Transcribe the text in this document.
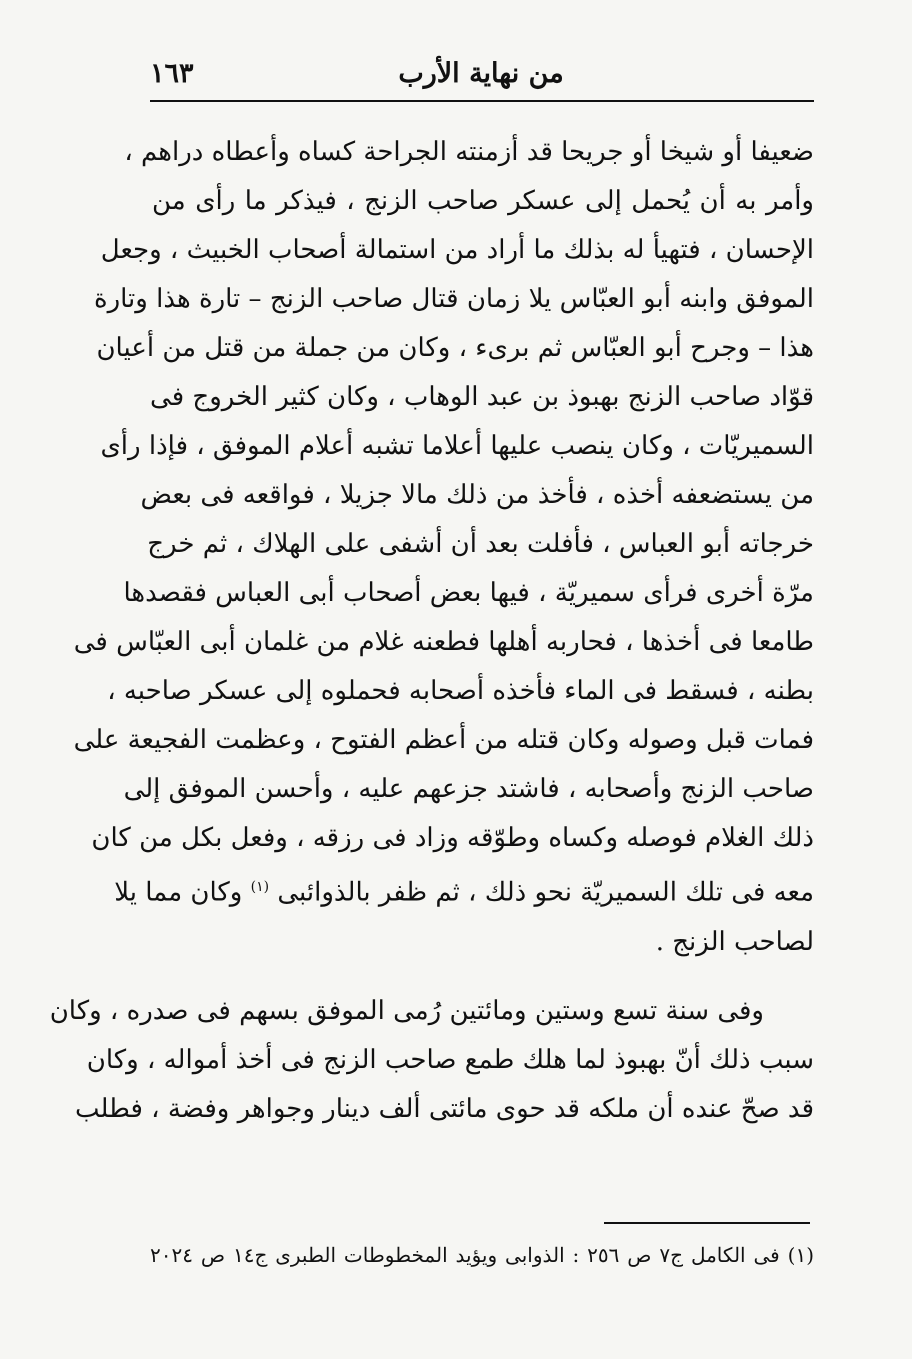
من نهاية الأرب
١٦٣
ضعيفا أو شيخا أو جريحا قد أزمنته الجراحة كساه وأعطاه دراهم ،
وأمر به أن يُحمل إلى عسكر صاحب الزنج ، فيذكر ما رأى من
الإحسان ، فتهيأ له بذلك ما أراد من استمالة أصحاب الخبيث ، وجعل
الموفق وابنه أبو العبّاس يلا زمان قتال صاحب الزنج – تارة هذا وتارة
هذا – وجرح أبو العبّاس ثم برىء ، وكان من جملة من قتل من أعيان
قوّاد صاحب الزنج بهبوذ بن عبد الوهاب ، وكان كثير الخروج فى
السميريّات ، وكان ينصب عليها أعلاما تشبه أعلام الموفق ، فإذا رأى
من يستضعفه أخذه ، فأخذ من ذلك مالا جزيلا ، فواقعه فى بعض
خرجاته أبو العباس ، فأفلت بعد أن أشفى على الهلاك ، ثم خرج
مرّة أخرى فرأى سميريّة ، فيها بعض أصحاب أبى العباس فقصدها
طامعا فى أخذها ، فحاربه أهلها فطعنه غلام من غلمان أبى العبّاس فى
بطنه ، فسقط فى الماء فأخذه أصحابه فحملوه إلى عسكر صاحبه ،
فمات قبل وصوله وكان قتله من أعظم الفتوح ، وعظمت الفجيعة على
صاحب الزنج وأصحابه ، فاشتد جزعهم عليه ، وأحسن الموفق إلى
ذلك الغلام فوصله وكساه وطوّقه وزاد فى رزقه ، وفعل بكل من كان
معه فى تلك السميريّة نحو ذلك ، ثم ظفر بالذوائبى $^{(١)}$ وكان مما يلا
لصاحب الزنج .
وفى سنة تسع وستين ومائتين رُمى الموفق بسهم فى صدره ، وكان
سبب ذلك أنّ بهبوذ لما هلك طمع صاحب الزنج فى أخذ أمواله ، وكان
قد صحّ عنده أن ملكه قد حوى مائتى ألف دينار وجواهر وفضة ، فطلب
(١) فى الكامل ج٧ ص ٢٥٦ : الذوابى ويؤيد المخطوطات الطبرى ج١٤ ص ٢٠٢٤
